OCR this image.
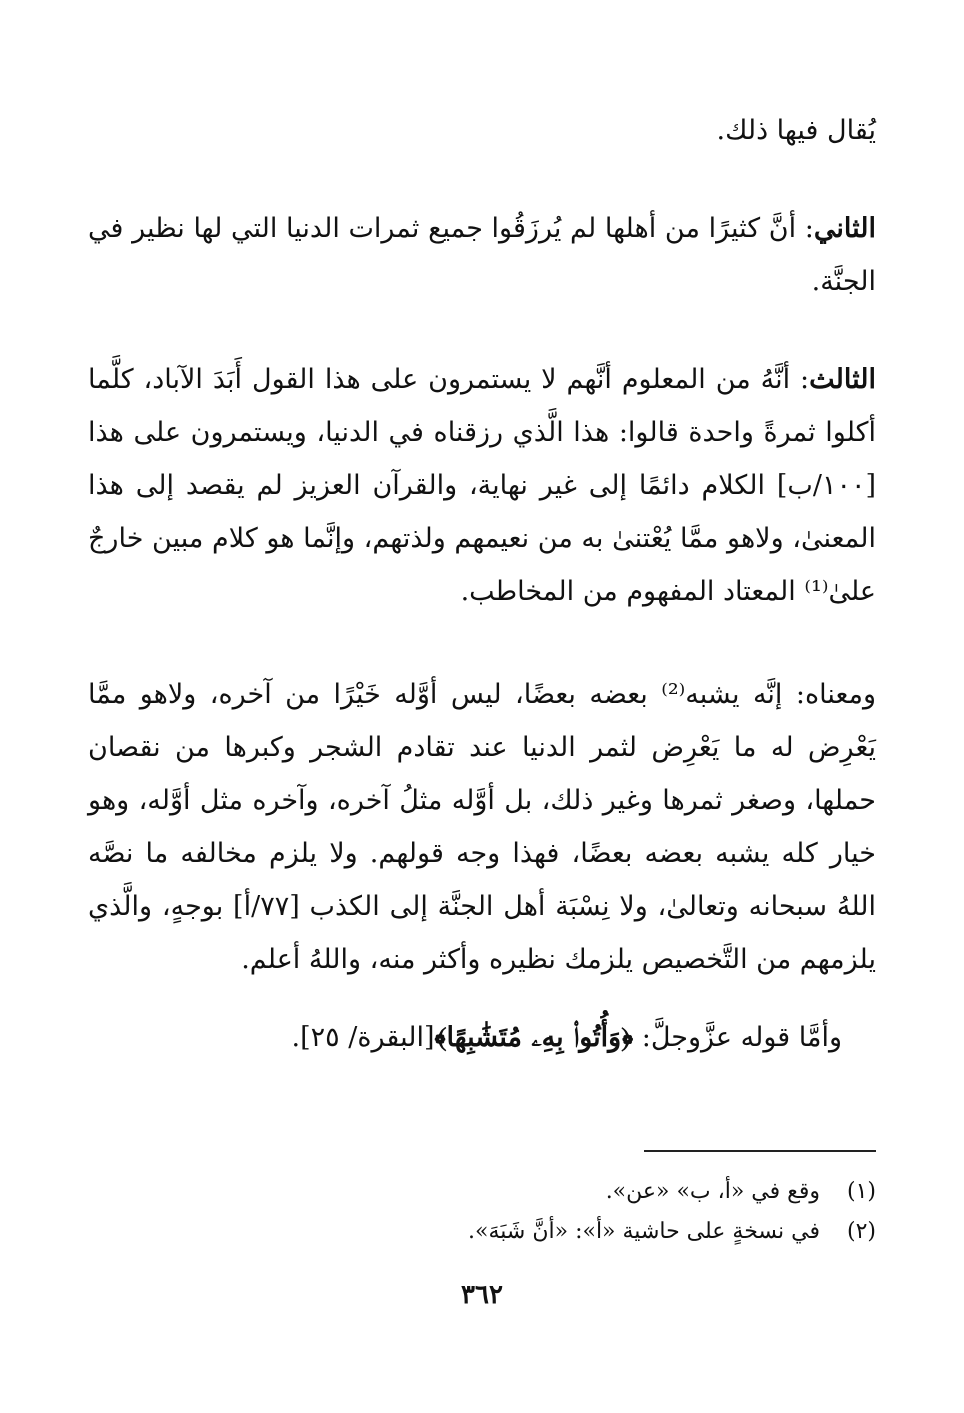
يُقال فيها ذلك.

الثاني: أنَّ كثيرًا من أهلها لم يُرزَقُوا جميع ثمرات الدنيا التي لها نظير في الجنَّة.

الثالث: أنَّهُ من المعلوم أنَّهم لا يستمرون على هذا القول أَبَدَ الآباد، كلَّما أكلوا ثمرةً واحدة قالوا: هذا الَّذي رزقناه في الدنيا، ويستمرون على هذا [١٠٠/ب] الكلام دائمًا إلى غير نهاية، والقرآن العزيز لم يقصد إلى هذا المعنىٰ، ولاهو ممَّا يُعْتنىٰ به من نعيمهم ولذتهم، وإنَّما هو كلام مبين خارجٌ علىٰ⁽¹⁾ المعتاد المفهوم من المخاطب.

ومعناه: إنَّه يشبه⁽²⁾ بعضه بعضًا، ليس أوَّله خَيْرًا من آخره، ولاهو ممَّا يَعْرِض له ما يَعْرِض لثمر الدنيا عند تقادم الشجر وكبرها من نقصان حملها، وصغر ثمرها وغير ذلك، بل أوَّله مثلُ آخره، وآخره مثل أوَّله، وهو خيار كله يشبه بعضه بعضًا، فهذا وجه قولهم. ولا يلزم مخالفه ما نصَّه اللهُ سبحانه وتعالىٰ، ولا نِسْبَة أهل الجنَّة إلى الكذب [٧٧/أ] بوجهٍ، والَّذي يلزمهم من التَّخصيص يلزمك نظيره وأكثر منه، واللهُ أعلم.

وأمَّا قوله عزَّوجلَّ: ﴿وَأُتُوا۟ بِهِۦ مُتَشَٰبِهًا﴾[البقرة/ ٢٥].

(١)
وقع في «أ، ب» «عن».
(٢)
في نسخةٍ على حاشية «أ»: «أنَّ شَبَهَ».
٣٦٢
